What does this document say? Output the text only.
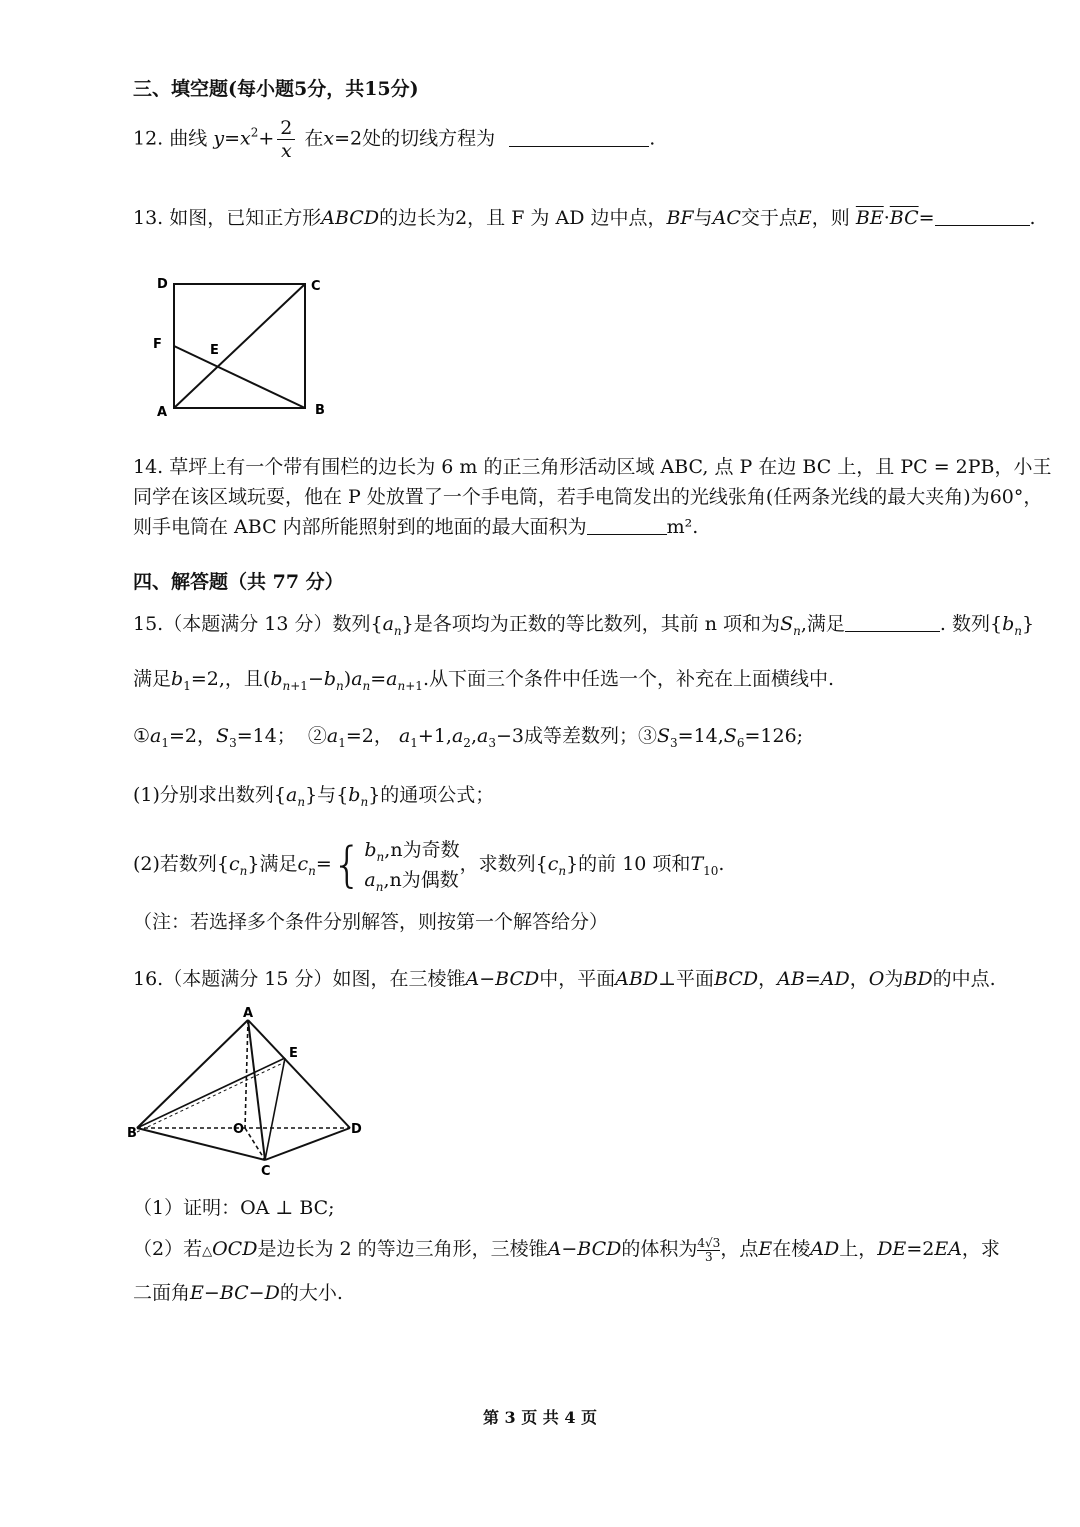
三、填空题(每小题5分，共15分)
12. 曲线 $y=x^2+ \frac{2}{x}$ 在x=2处的切线方程为	.
13. 如图，已知正方形ABCD的边长为2，且 F 为 AD 边中点，BF与AC交于点E，则 $\overline{BE}\cdot\overline{BC}=$	.
D	C
F	E
A	B
14. 草坪上有一个带有围栏的边长为 6 m 的正三角形活动区域 ABC, 点 P 在边 BC 上，且 PC = 2PB，小王
同学在该区域玩耍，他在 P 处放置了一个手电筒，若手电筒发出的光线张角(任两条光线的最大夹角)为60°，
则手电筒在 ABC 内部所能照射到的地面的最大面积为	m².
四、解答题（共 77 分）
15.（本题满分 13 分）数列$\{a_n\}$是各项均为正数的等比数列，其前 n 项和为$S_n$,满足	. 数列$\{b_n\}$
满足$b_1=2$,，且$(b_{n+1}-b_n)a_n=a_{n+1}$.从下面三个条件中任选一个，补充在上面横线中.
$①a_1=2$，$S_3=14$；  $②a_1=2$， $a_1+1,a_2,a_3-3$成等差数列；$③S_3=14,S_6=126$;
(1)分别求出数列$\{a_n\}$与$\{b_n\}$的通项公式；
(2)若数列$\{c_n\}$满足$c_n=${ $b_n,n$为奇数
$a_n,n$为偶数
，求数列$\{c_n\}$的前 10 项和$T_{10}$.
（注：若选择多个条件分别解答，则按第一个解答给分）
16.（本题满分 15 分）如图，在三棱锥A−BCD中，平面ABD⊥平面BCD，AB=AD，O为BD的中点.
A
E
B	O	D
C
（1）证明：OA ⊥ BC;
（2）若△OCD是边长为 2 的等边三角形，三棱锥A−BCD的体积为 $\frac{4√3}{3}$ ，点E在棱AD上，DE=2EA，求
二面角E−BC−D的大小.
第 3 页 共 4 页
